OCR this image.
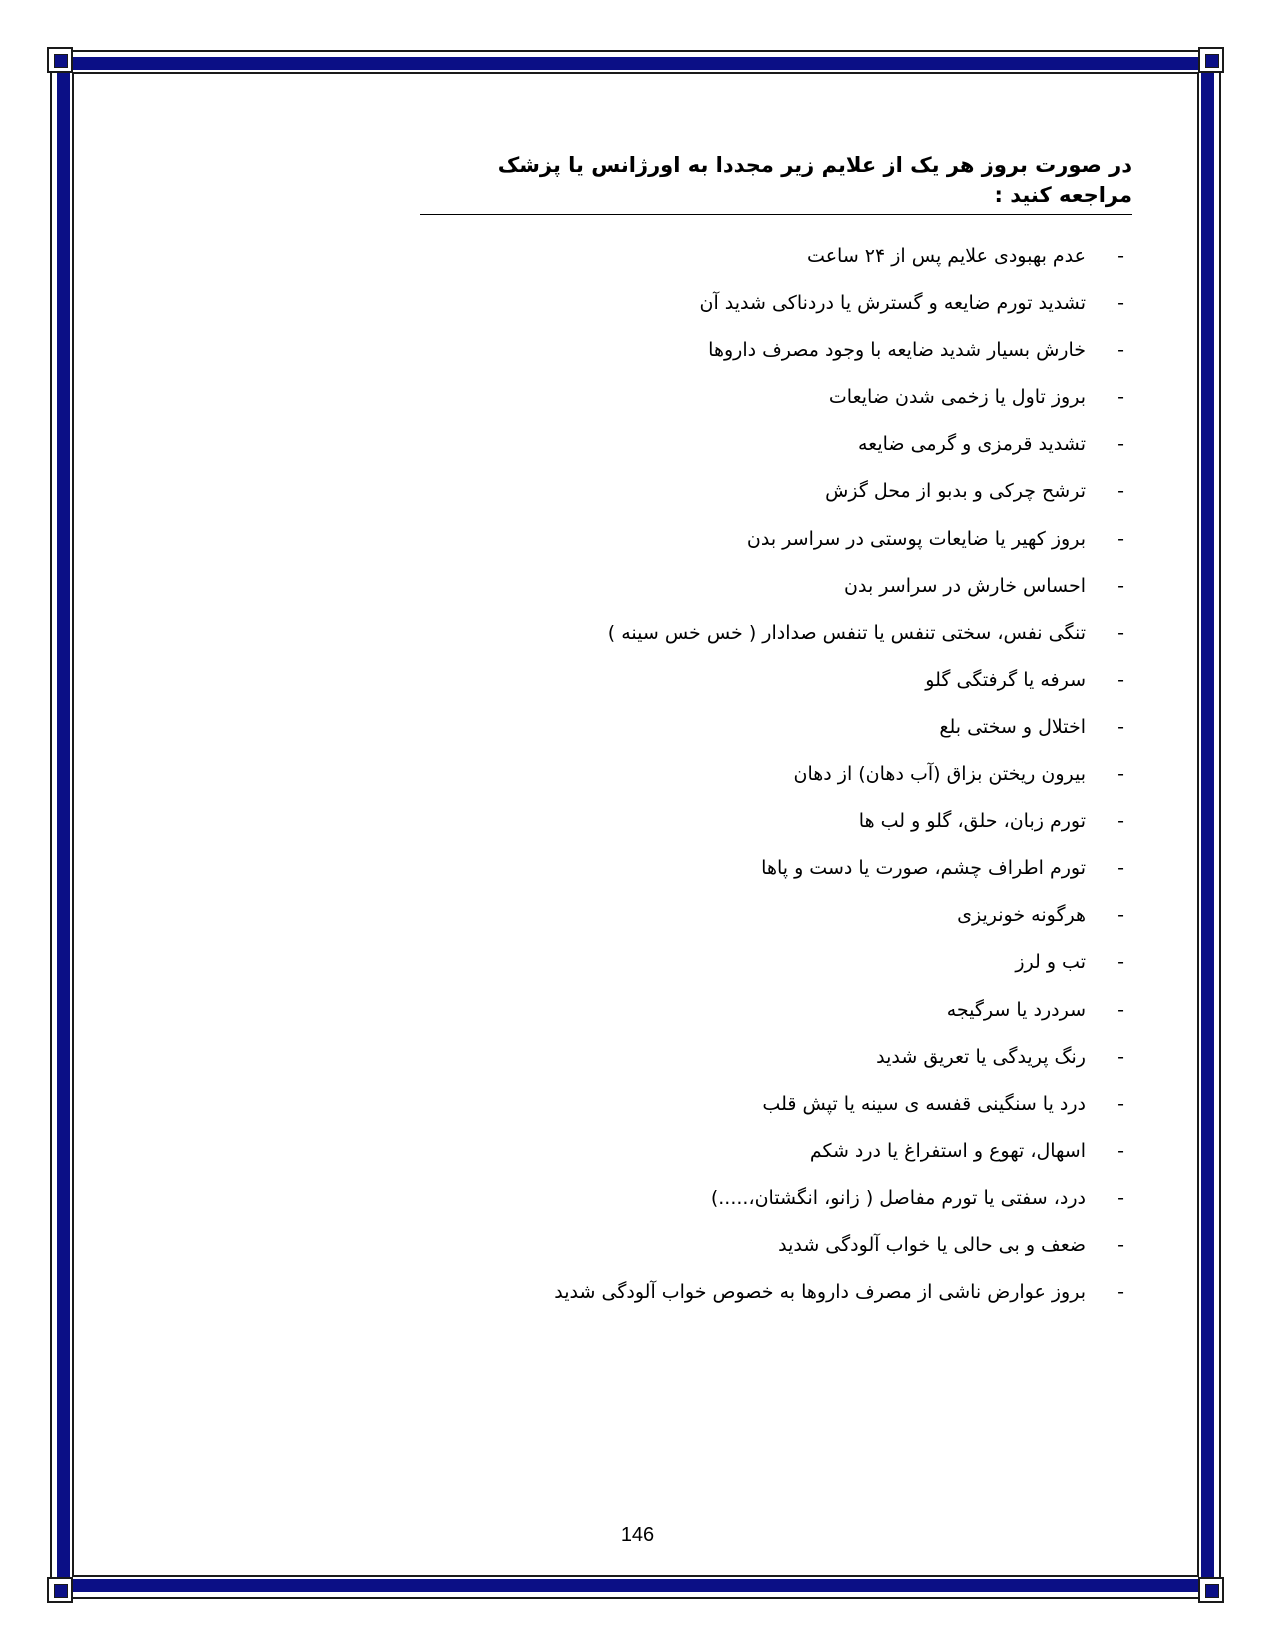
در صورت بروز هر یک از علایم زیر مجددا به اورژانس یا پزشک مراجعه کنید :
-
عدم بهبودی علایم پس از ۲۴ ساعت
-
تشدید تورم ضایعه و گسترش یا دردناکی شدید آن
-
خارش بسیار شدید ضایعه با وجود مصرف داروها
-
بروز تاول یا زخمی شدن ضایعات
-
تشدید قرمزی و گرمی ضایعه
-
ترشح چرکی و بدبو از محل گزش
-
بروز کهیر یا ضایعات پوستی در سراسر بدن
-
احساس خارش در سراسر بدن
-
تنگی نفس، سختی تنفس یا تنفس صدادار ( خس خس سینه )
-
سرفه یا گرفتگی گلو
-
اختلال و سختی بلع
-
بیرون ریختن بزاق (آب دهان) از دهان
-
تورم زبان، حلق، گلو و لب ها
-
تورم اطراف چشم، صورت یا دست و پاها
-
هرگونه خونریزی
-
تب و لرز
-
سردرد یا سرگیجه
-
رنگ پریدگی یا تعریق شدید
-
درد یا سنگینی قفسه ی سینه یا تپش قلب
-
اسهال، تهوع و استفراغ یا درد شکم
-
درد، سفتی یا تورم مفاصل ( زانو، انگشتان،.....)
-
ضعف و بی حالی یا خواب آلودگی شدید
-
بروز عوارض ناشی از مصرف داروها به خصوص خواب آلودگی شدید
146
